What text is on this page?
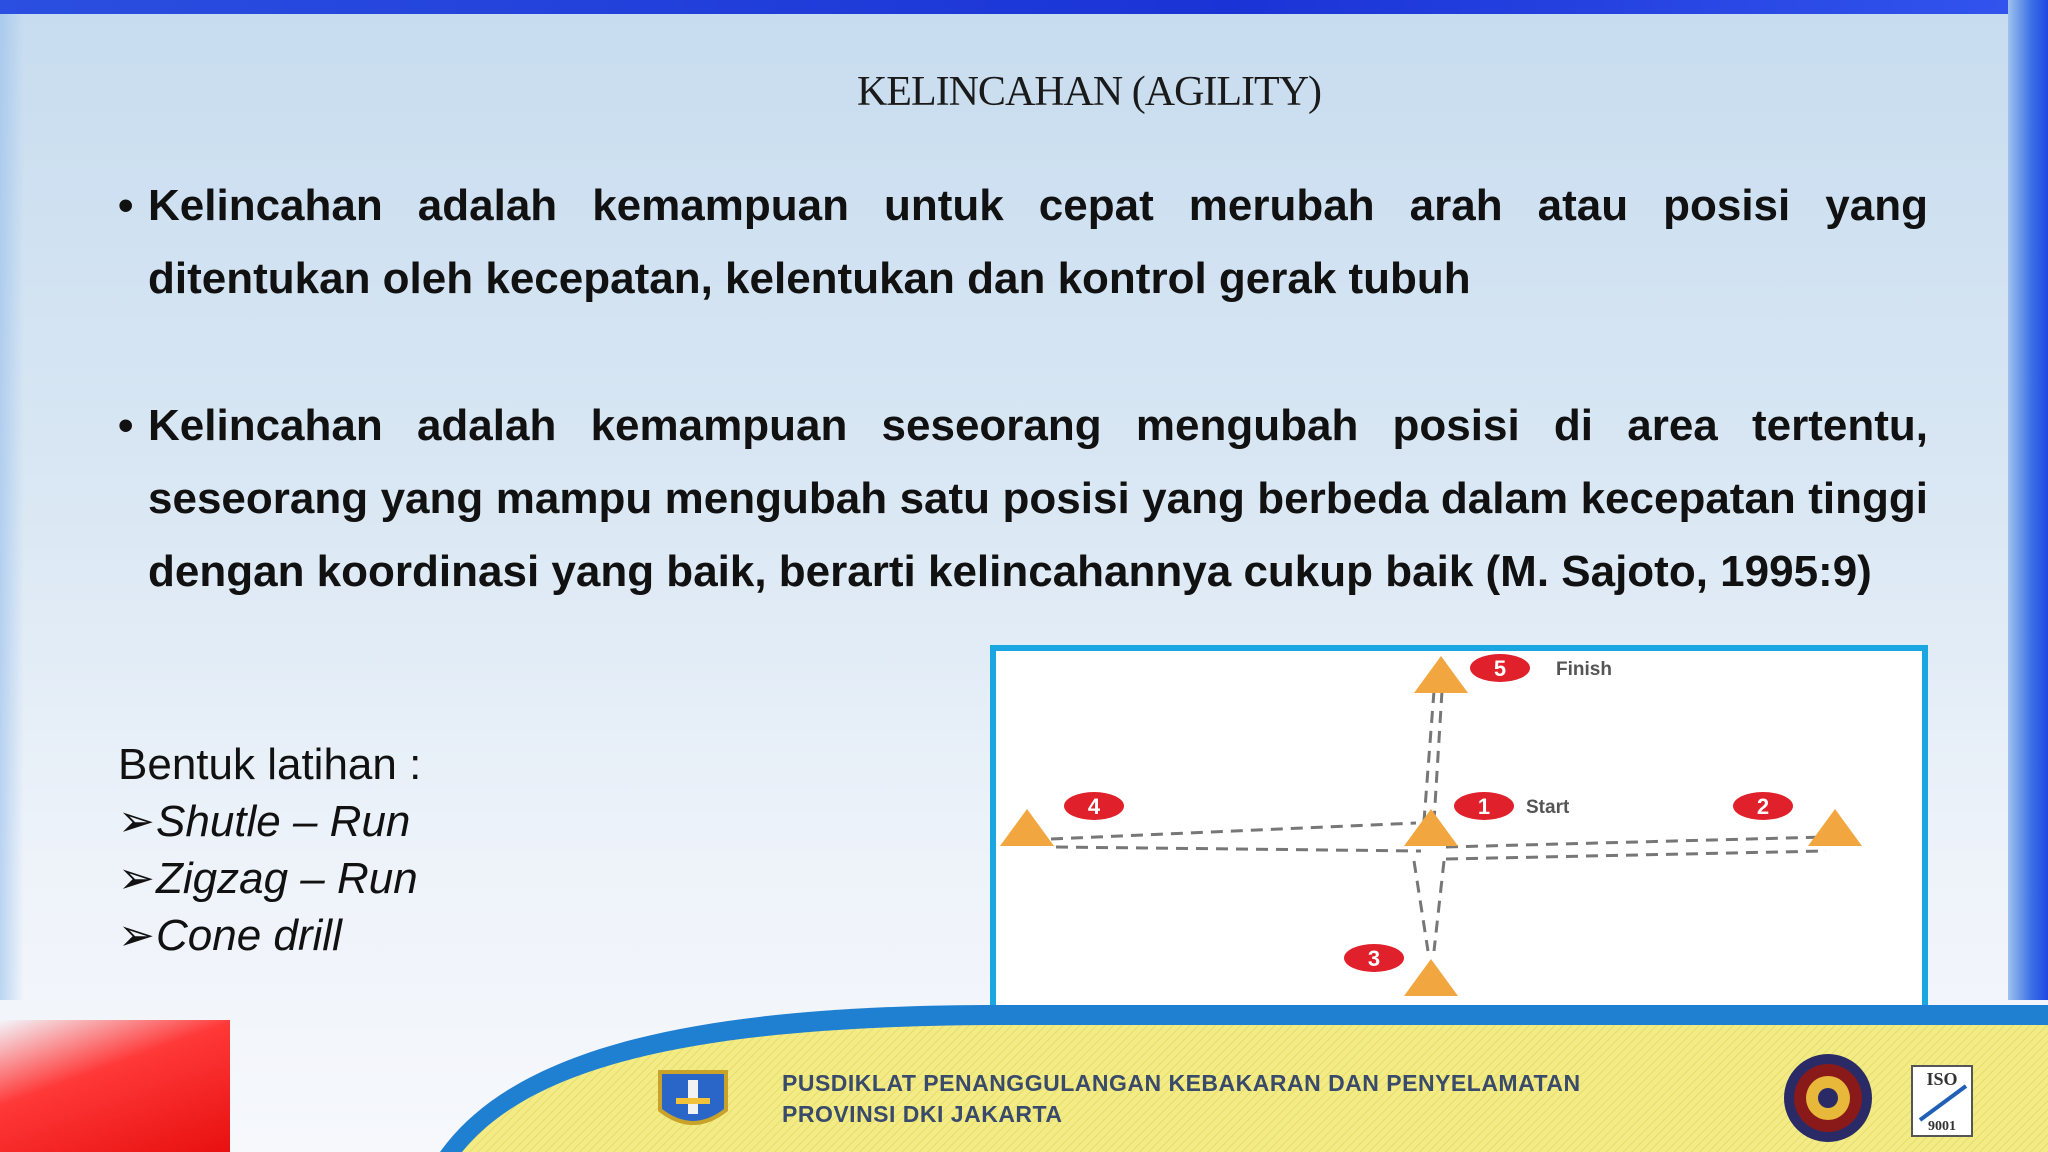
KELINCAHAN (AGILITY)
• Kelincahan adalah kemampuan untuk cepat merubah arah atau posisi yang ditentukan oleh kecepatan, kelentukan dan kontrol gerak tubuh
• Kelincahan adalah kemampuan seseorang mengubah posisi di area tertentu, seseorang yang mampu mengubah satu posisi yang berbeda dalam kecepatan tinggi dengan koordinasi yang baik, berarti kelincahannya cukup baik (M. Sajoto, 1995:9)
Bentuk latihan :
➢Shutle – Run
➢Zigzag – Run
➢Cone drill
5
1	2
4
3
Finish
Start
ISO
9001
PUSDIKLAT PENANGGULANGAN KEBAKARAN DAN PENYELAMATAN
PROVINSI DKI JAKARTA
